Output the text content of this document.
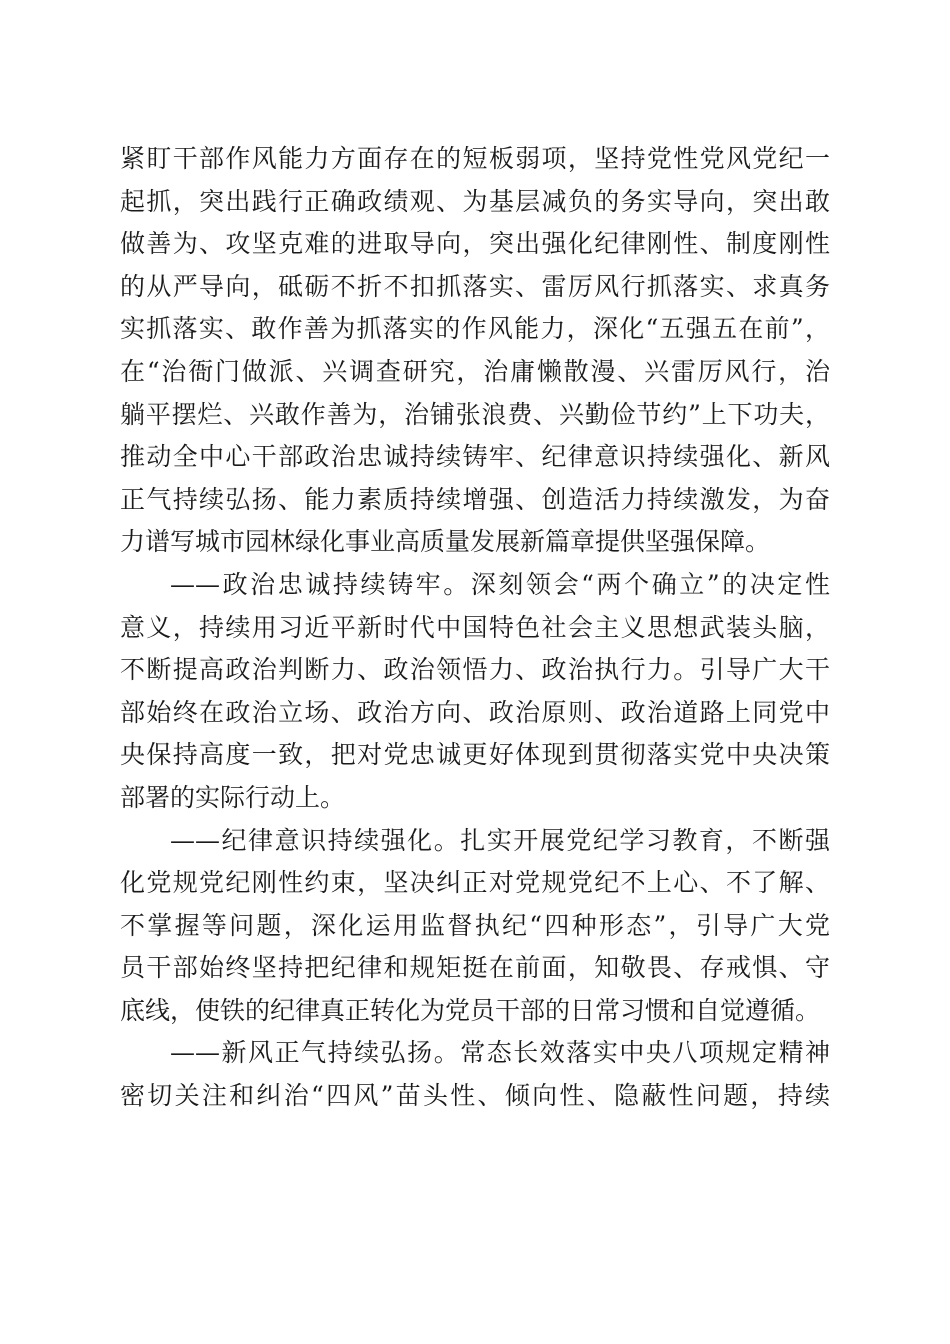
紧盯干部作风能力方面存在的短板弱项，坚持党性党风党纪一
起抓，突出践行正确政绩观、为基层减负的务实导向，突出敢
做善为、攻坚克难的进取导向，突出强化纪律刚性、制度刚性
的从严导向，砥砺不折不扣抓落实、雷厉风行抓落实、求真务
实抓落实、敢作善为抓落实的作风能力，深化“五强五在前”，
在“治衙门做派、兴调查研究，治庸懒散漫、兴雷厉风行，治
躺平摆烂、兴敢作善为，治铺张浪费、兴勤俭节约”上下功夫，
推动全中心干部政治忠诚持续铸牢、纪律意识持续强化、新风
正气持续弘扬、能力素质持续增强、创造活力持续激发，为奋
力谱写城市园林绿化事业高质量发展新篇章提供坚强保障。
——政治忠诚持续铸牢。深刻领会“两个确立”的决定性
意义，持续用习近平新时代中国特色社会主义思想武装头脑，
不断提高政治判断力、政治领悟力、政治执行力。引导广大干
部始终在政治立场、政治方向、政治原则、政治道路上同党中
央保持高度一致，把对党忠诚更好体现到贯彻落实党中央决策
部署的实际行动上。
——纪律意识持续强化。扎实开展党纪学习教育，不断强
化党规党纪刚性约束，坚决纠正对党规党纪不上心、不了解、
不掌握等问题，深化运用监督执纪“四种形态”，引导广大党
员干部始终坚持把纪律和规矩挺在前面，知敬畏、存戒惧、守
底线，使铁的纪律真正转化为党员干部的日常习惯和自觉遵循。
——新风正气持续弘扬。常态长效落实中央八项规定精神
密切关注和纠治“四风”苗头性、倾向性、隐蔽性问题，持续
